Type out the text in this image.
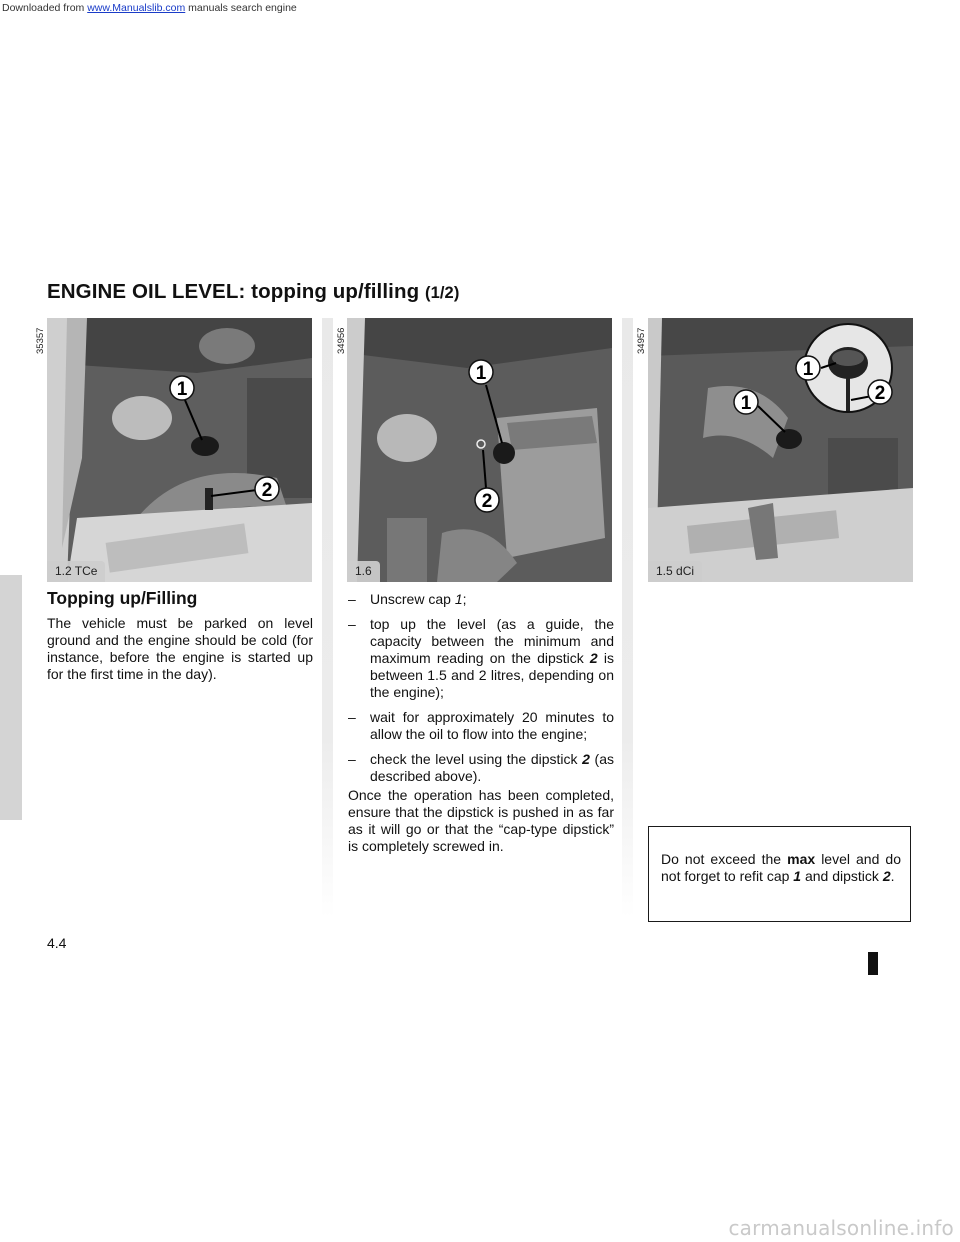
Downloaded from www.Manualslib.com manuals search engine
ENGINE OIL LEVEL: topping up/filling (1/2)
35357	34956	34957
1
2
1.2 TCe
1
2
1.6
1
1
2
1.5 dCi
Topping up/Filling
The vehicle must be parked on level ground and the engine should be cold (for instance, before the engine is started up for the first time in the day).
– Unscrew cap 1;
– top up the level (as a guide, the capacity between the minimum and maximum reading on the dipstick 2 is between 1.5 and 2 litres, depending on the engine);
– wait for approximately 20 minutes to allow the oil to flow into the engine;
– check the level using the dipstick 2 (as described above).
Once the operation has been completed, ensure that the dipstick is pushed in as far as it will go or that the “cap-type dipstick” is completely screwed in.
Do not exceed the max level and do not forget to refit cap 1 and dipstick 2.
4.4
carmanualsonline.info
